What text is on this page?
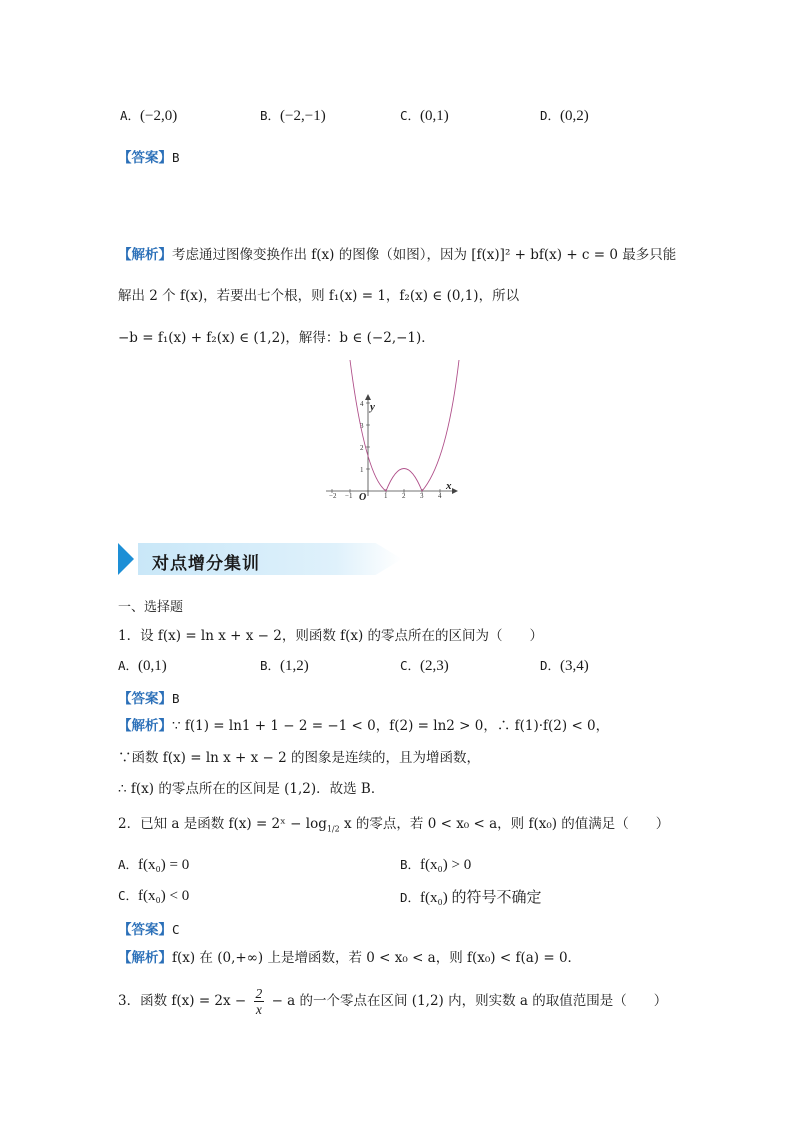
A．(−2,0)	B．(−2,−1)	C．(0,1)	D．(0,2)
【答案】B
【解析】考虑通过图像变换作出 f(x) 的图像（如图），因为 [f(x)]² + bf(x) + c = 0 最多只能
解出 2 个 f(x)，若要出七个根，则 f₁(x) = 1，f₂(x) ∈ (0,1)，所以
−b = f₁(x) + f₂(x) ∈ (1,2)，解得：b ∈ (−2,−1)．
−2 −1	1 2 3 4
1
2
3
4 y
x
O
对点增分集训
一、选择题
1．设 f(x) = ln x + x − 2，则函数 f(x) 的零点所在的区间为（　　）
A．(0,1)	B．(1,2)	C．(2,3)	D．(3,4)
【答案】B
【解析】∵ f(1) = ln1 + 1 − 2 = −1 < 0，f(2) = ln2 > 0，∴ f(1)·f(2) < 0，
∵函数 f(x) = ln x + x − 2 的图象是连续的，且为增函数，
∴ f(x) 的零点所在的区间是 (1,2)．故选 B．
2．已知 a 是函数 f(x) = 2ˣ − $\log_{1/2} x$ 的零点，若 0 < x₀ < a，则 f(x₀) 的值满足（　　）
A．f(x₀) = 0	B．f(x₀) > 0
C．f(x₀) < 0	D．f(x₀) 的符号不确定
【答案】C
【解析】f(x) 在 (0,+∞) 上是增函数，若 0 < x₀ < a，则 f(x₀) < f(a) = 0．
3．函数 $f(x) = 2x - \frac{2}{x} - a$ 的一个零点在区间 (1,2) 内，则实数 a 的取值范围是（　　）
